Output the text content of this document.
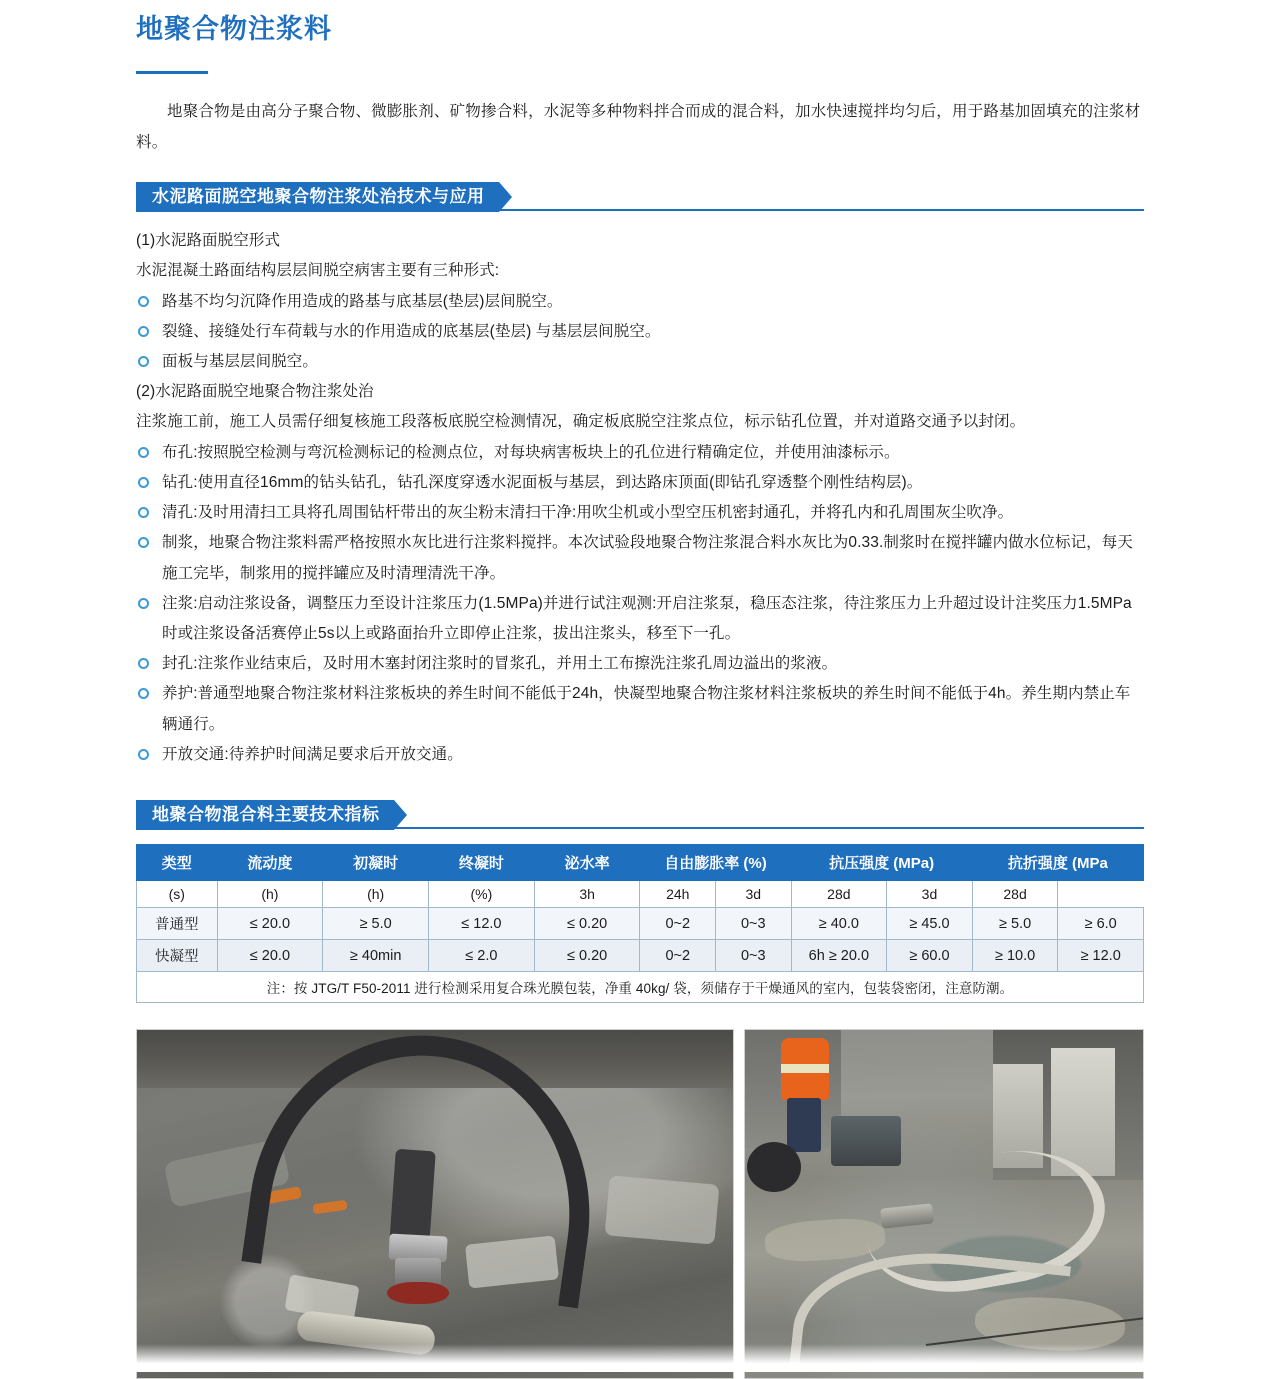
地聚合物注浆料

地聚合物是由高分子聚合物、微膨胀剂、矿物掺合料，水泥等多种物料拌合而成的混合料，加水快速搅拌均匀后，用于路基加固填充的注浆材料。

水泥路面脱空地聚合物注浆处治技术与应用

(1)水泥路面脱空形式

水泥混凝土路面结构层层间脱空病害主要有三种形式:

路基不均匀沉降作用造成的路基与底基层(垫层)层间脱空。

裂缝、接缝处行车荷载与水的作用造成的底基层(垫层) 与基层层间脱空。

面板与基层层间脱空。

(2)水泥路面脱空地聚合物注浆处治

注浆施工前，施工人员需仔细复核施工段落板底脱空检测情况，确定板底脱空注浆点位，标示钻孔位置，并对道路交通予以封闭。

布孔:按照脱空检测与弯沉检测标记的检测点位，对每块病害板块上的孔位进行精确定位，并使用油漆标示。

钻孔:使用直径16mm的钻头钻孔，钻孔深度穿透水泥面板与基层，到达路床顶面(即钻孔穿透整个刚性结构层)。

清孔:及时用清扫工具将孔周围钻杆带出的灰尘粉末清扫干净:用吹尘机或小型空压机密封通孔，并将孔内和孔周围灰尘吹净。

制浆，地聚合物注浆料需严格按照水灰比进行注浆料搅拌。本次试验段地聚合物注浆混合料水灰比为0.33.制浆时在搅拌罐内做水位标记，每天施工完毕，制浆用的搅拌罐应及时清理清洗干净。

注浆:启动注浆设备，调整压力至设计注浆压力(1.5MPa)并进行试注观测:开启注浆泵，稳压态注浆，待注浆压力上升超过设计注奖压力1.5MPa时或注浆设备活赛停止5s以上或路面抬升立即停止注浆，拔出注浆头，移至下一孔。

封孔:注浆作业结束后，及时用木塞封闭注浆时的冒浆孔，并用土工布擦洗注浆孔周边溢出的浆液。

养护:普通型地聚合物注浆材料注浆板块的养生时间不能低于24h，快凝型地聚合物注浆材料注浆板块的养生时间不能低于4h。养生期内禁止车辆通行。

开放交通:待养护时间满足要求后开放交通。

地聚合物混合料主要技术指标
类型	流动度	初凝时	终凝时	泌水率	自由膨胀率 (%)		抗压强度 (MPa)		抗折强度 (MPa	
(s)	(h)	(h)	(%)	3h	24h	3d	28d	3d	28d	
普通型	≤ 20.0	≥ 5.0	≤ 12.0	≤ 0.20	0~2	0~3	≥ 40.0	≥ 45.0	≥ 5.0	≥ 6.0
快凝型	≤ 20.0	≥ 40min	≤ 2.0	≤ 0.20	0~2	0~3	6h ≥ 20.0	≥ 60.0	≥ 10.0	≥ 12.0
注：按 JTG/T F50-2011 进行检测采用复合珠光膜包装，净重 40kg/ 袋，须储存于干燥通风的室内，包装袋密闭，注意防潮。										
